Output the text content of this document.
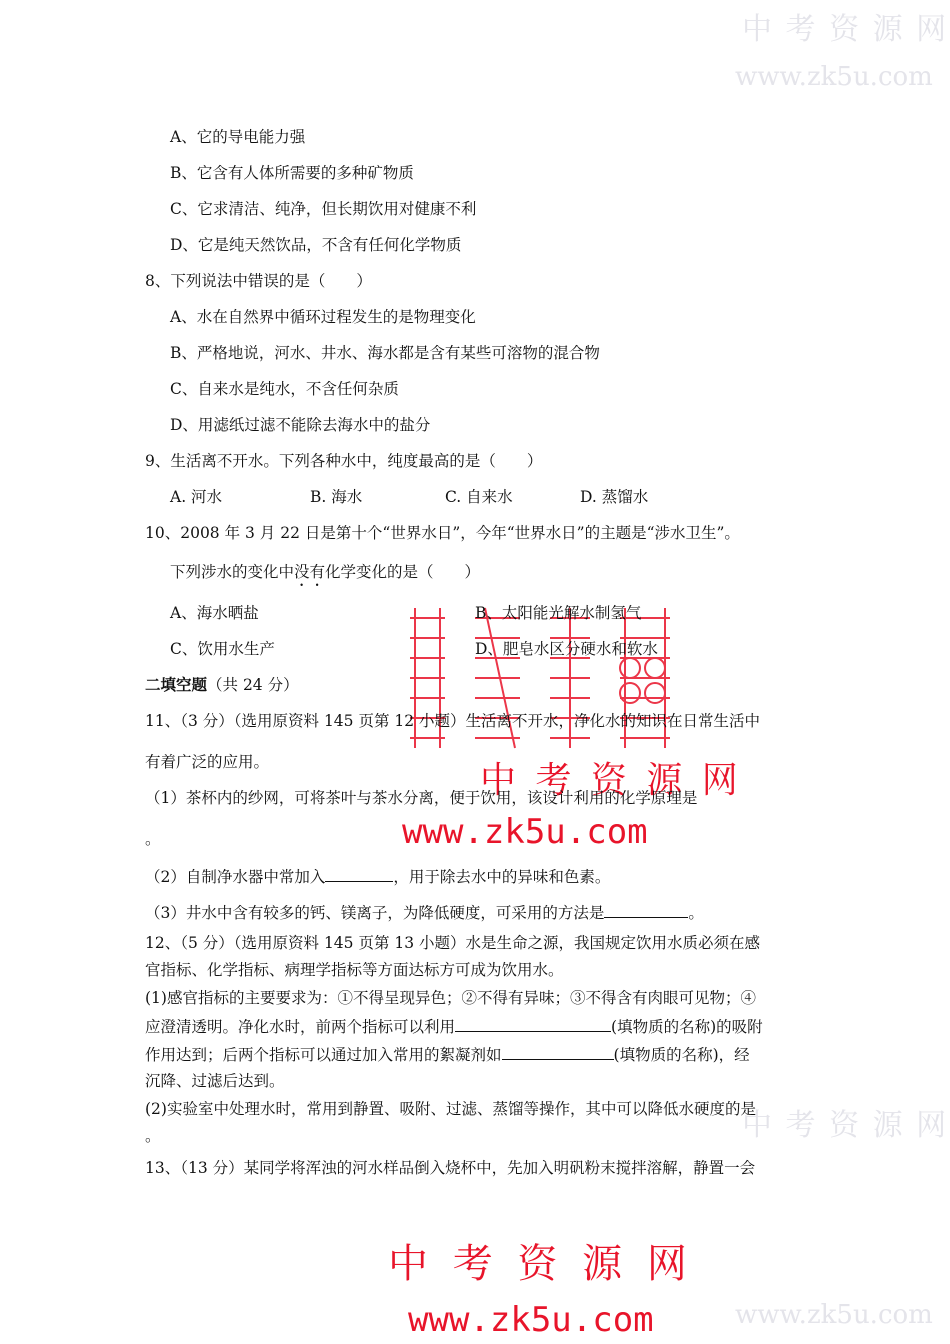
中 考 资 源 网
www.zk5u.com
中 考 资 源 网
www.zk5u.com
中 考 资 源 网
www.zk5u.com
A、它的导电能力强
B、它含有人体所需要的多种矿物质
C、它求清洁、纯净，但长期饮用对健康不利
D、它是纯天然饮品，不含有任何化学物质
8、下列说法中错误的是（　　）
A、水在自然界中循环过程发生的是物理变化
B、严格地说，河水、井水、海水都是含有某些可溶物的混合物
C、自来水是纯水，不含任何杂质
D、用滤纸过滤不能除去海水中的盐分
9、生活离不开水。下列各种水中，纯度最高的是（　　）
A. 河水	B. 海水	C. 自来水	D. 蒸馏水
10、2008 年 3 月 22 日是第十个“世界水日”，今年“世界水日”的主题是“涉水卫生”。
下列涉水的变化中没有化学变化的是（　　）
A、海水晒盐	B、太阳能光解水制氢气
C、饮用水生产	D、肥皂水区分硬水和软水
二填空题（共 24 分）
11、（3 分）（选用原资料 145 页第 12 小题）生活离不开水，净化水的知识在日常生活中
有着广泛的应用。
（1）茶杯内的纱网，可将茶叶与茶水分离，便于饮用，该设计利用的化学原理是
。
（2）自制净水器中常加入	，用于除去水中的异味和色素。
（3）井水中含有较多的钙、镁离子，为降低硬度，可采用的方法是	。
12、（5 分）（选用原资料 145 页第 13 小题）水是生命之源，我国规定饮用水质必须在感
官指标、化学指标、病理学指标等方面达标方可成为饮用水。
(1)感官指标的主要要求为：①不得呈现异色；②不得有异味；③不得含有肉眼可见物；④
应澄清透明。净化水时，前两个指标可以利用	(填物质的名称)的吸附
作用达到；后两个指标可以通过加入常用的絮凝剂如	(填物质的名称)，经
沉降、过滤后达到。
(2)实验室中处理水时，常用到静置、吸附、过滤、蒸馏等操作，其中可以降低水硬度的是
。
13、（13 分）某同学将浑浊的河水样品倒入烧杯中，先加入明矾粉末搅拌溶解，静置一会
中 考 资 源 网
www.zk5u.com
